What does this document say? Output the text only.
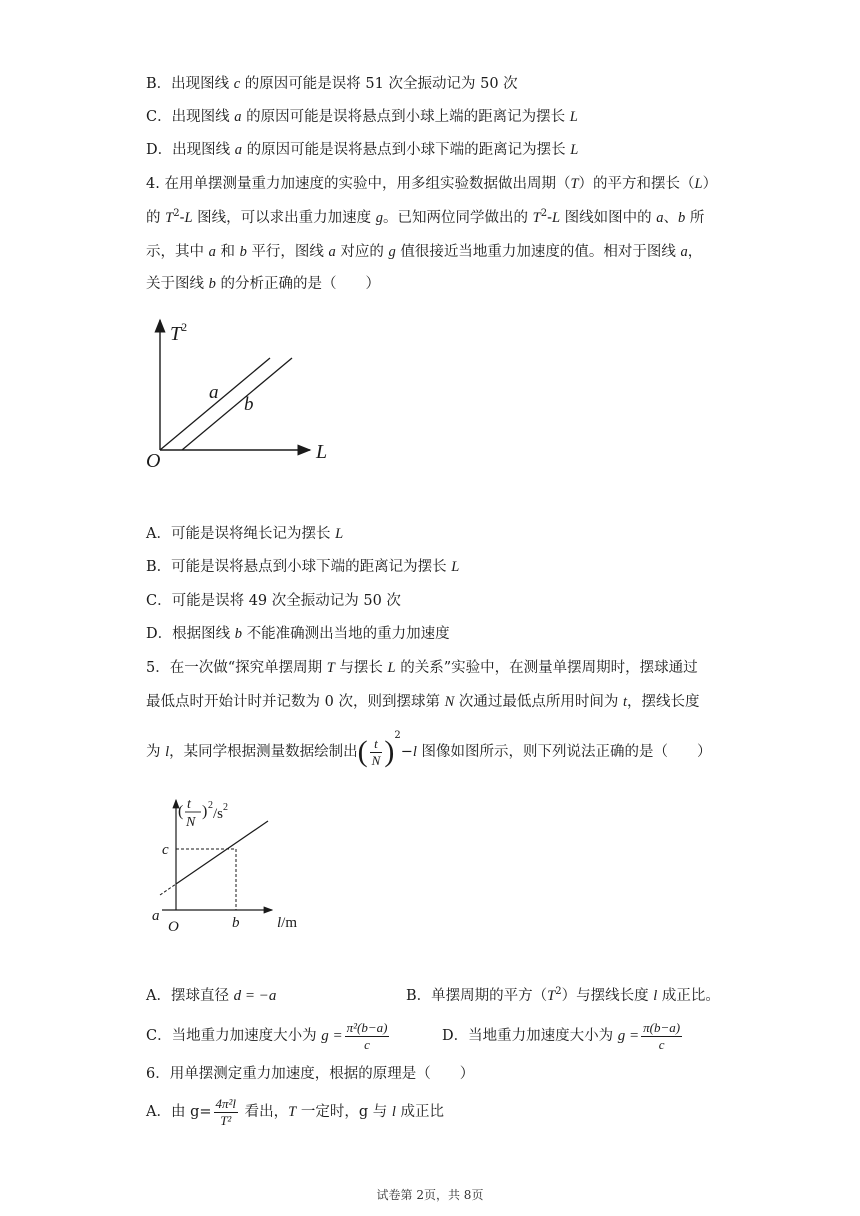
B．出现图线 c 的原因可能是误将 51 次全振动记为 50 次
C．出现图线 a 的原因可能是误将悬点到小球上端的距离记为摆长 L
D．出现图线 a 的原因可能是误将悬点到小球下端的距离记为摆长 L
4. 在用单摆测量重力加速度的实验中，用多组实验数据做出周期（T）的平方和摆长（L）
的 $T^2-L$ 图线，可以求出重力加速度 g。已知两位同学做出的 $T^2-L$ 图线如图中的 a、b 所
示，其中 a 和 b 平行，图线 a 对应的 g 值很接近当地重力加速度的值。相对于图线 a，
关于图线 b 的分析正确的是（　　）
$T^2$
L
O
a
b
A．可能是误将绳长记为摆长 L
B．可能是误将悬点到小球下端的距离记为摆长 L
C．可能是误将 49 次全振动记为 50 次
D．根据图线 b 不能准确测出当地的重力加速度
5．在一次做“探究单摆周期 T 与摆长 L 的关系”实验中，在测量单摆周期时，摆球通过
最低点时开始计时并记数为 0 次，则到摆球第 N 次通过最低点所用时间为 t，摆线长度
为 l，某同学根据测量数据绘制出( $\frac{t}{N} )^2-l$ 图像如图所示，则下列说法正确的是（　　）
( t
N
) $2/s^2$
l/m
O
a	b
c
A．摆球直径 d = −a	B．单摆周期的平方$(T^2)$与摆线长度 l 成正比。
C．当地重力加速度大小为 $g = \frac{\text{π²(b−a)}}{c}$	D．当地重力加速度大小为 $g = \frac{\pi(b-a)}{c}$
6．用单摆测定重力加速度，根据的原理是（　　）
A．由 $g= \frac{\text{4π²l}}{\text{T²}}$ 看出，T 一定时，g 与 l 成正比
试卷第 2页，共 8页
